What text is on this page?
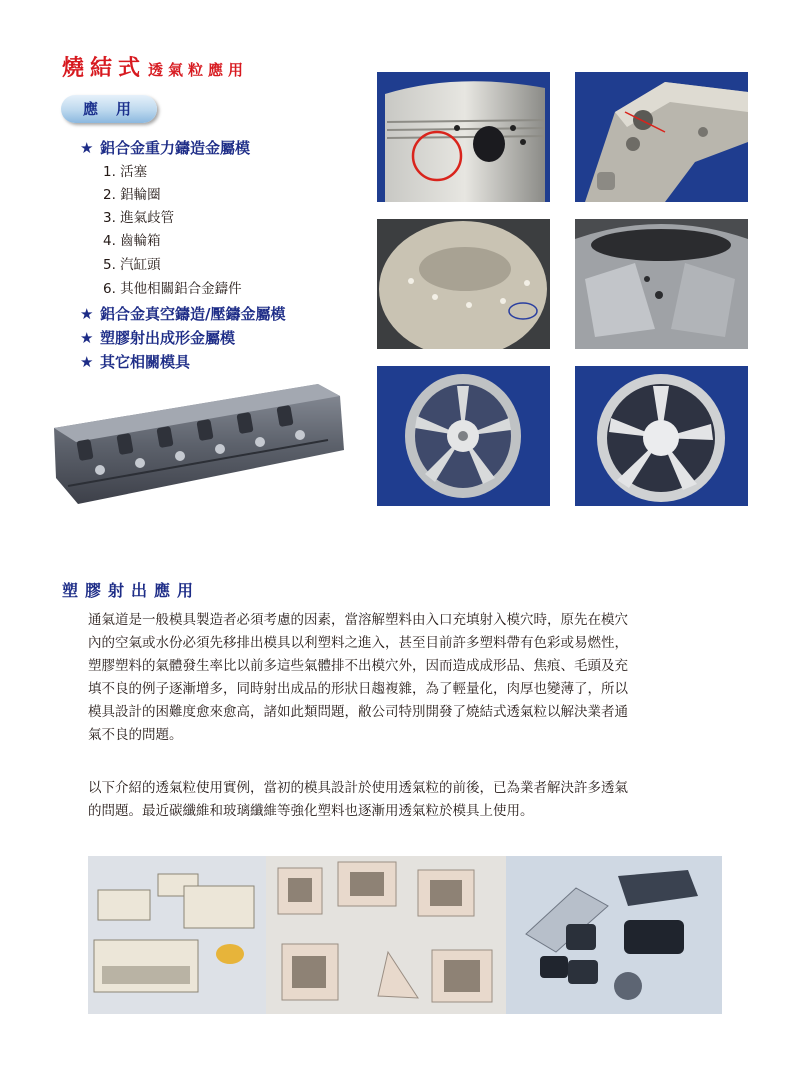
燒結式 透氣粒應用
應用
★ 鋁合金重力鑄造金屬模
1. 活塞
2. 鋁輪圈
3. 進氣歧管
4. 齒輪箱
5. 汽缸頭
6. 其他相關鋁合金鑄件
★ 鋁合金真空鑄造/壓鑄金屬模
★ 塑膠射出成形金屬模
★ 其它相關模具
塑膠射出應用
通氣道是一般模具製造者必須考慮的因素，當溶解塑料由入口充填射入模穴時，原先在模穴
內的空氣或水份必須先移排出模具以利塑料之進入，甚至目前許多塑料帶有色彩或易燃性，
塑膠塑料的氣體發生率比以前多這些氣體排不出模穴外，因而造成成形品、焦痕、毛頭及充
填不良的例子逐漸增多，同時射出成品的形狀日趨複雜，為了輕量化，肉厚也變薄了，所以
模具設計的困難度愈來愈高，諸如此類問題，敝公司特別開發了燒結式透氣粒以解決業者通
氣不良的問題。
以下介紹的透氣粒使用實例，當初的模具設計於使用透氣粒的前後，已為業者解決許多透氣
的問題。最近碳纖維和玻璃纖維等強化塑料也逐漸用透氣粒於模具上使用。
